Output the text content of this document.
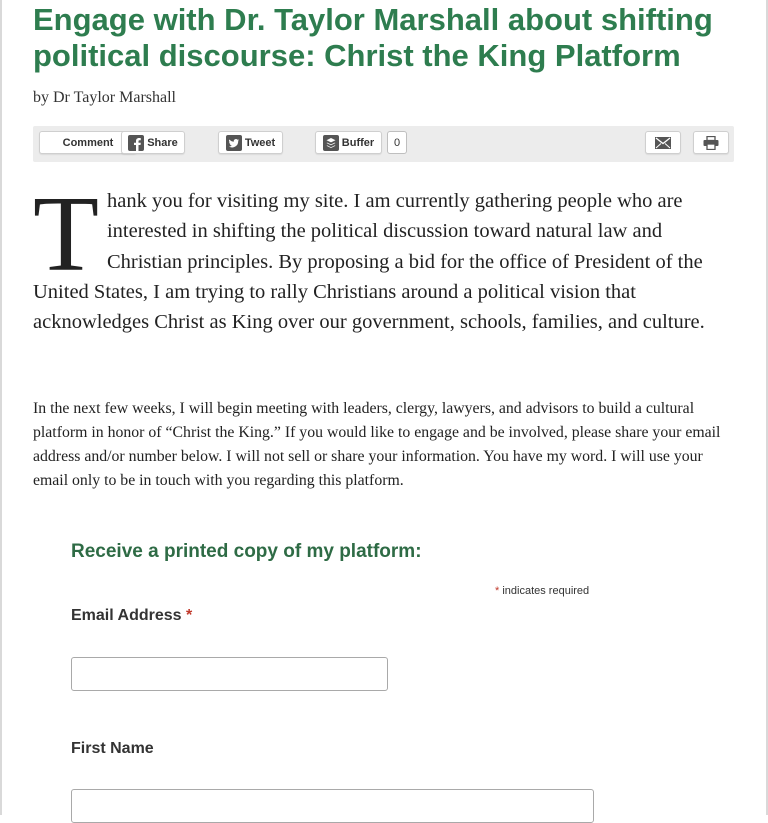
Engage with Dr. Taylor Marshall about shifting political discourse: Christ the King Platform
by Dr Taylor Marshall
Comment	Share	Tweet	Buffer	0

Thank you for visiting my site. I am currently gathering people who are interested in shifting the political discussion toward natural law and Christian principles. By proposing a bid for the office of President of the United States, I am trying to rally Christians around a political vision that acknowledges Christ as King over our government, schools, families, and culture.

In the next few weeks, I will begin meeting with leaders, clergy, lawyers, and advisors to build a cultural platform in honor of “Christ the King.” If you would like to engage and be involved, please share your email address and/or number below. I will not sell or share your information. You have my word. I will use your email only to be in touch with you regarding this platform.

Receive a printed copy of my platform:
* indicates required
Email Address *
First Name
